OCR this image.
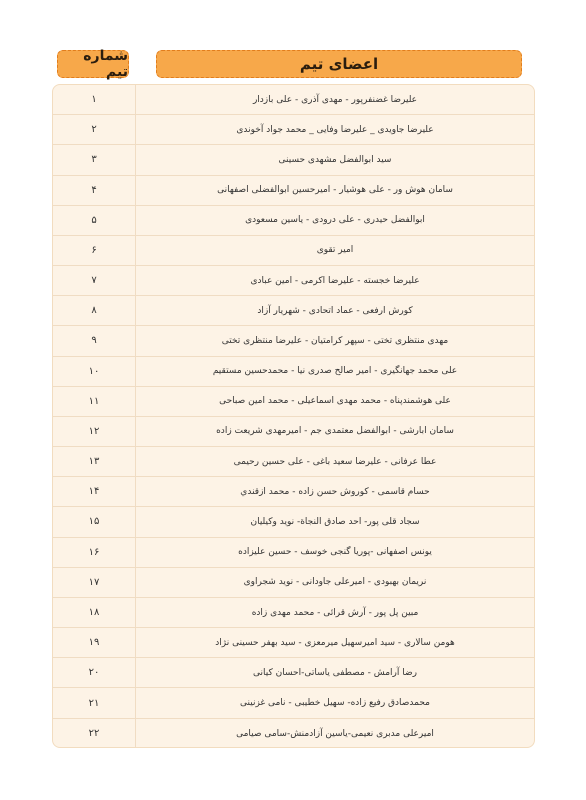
شماره تیم	اعضای تیم
۱	علیرضا غضنفرپور - مهدی آذری - علی بازدار
۲	علیرضا جاویدی _ علیرضا وفایی _ محمد جواد آخوندی
۳	سید ابوالفضل مشهدی حسینی
۴	سامان هوش ور - علی هوشیار - امیرحسین ابوالفضلی اصفهانی
۵	ابوالفضل حیدری - علی درودی - یاسین مسعودی
۶	امیر تقوی
۷	علیرضا خجسته - علیرضا اکرمی - امین عبادی
۸	کورش ارفعی - عماد اتحادی - شهریار آزاد
۹	مهدی منتظری تختی - سپهر کرامتیان - علیرضا منتظری تختی
۱۰	علی محمد جهانگیری - امیر صالح صدری نیا - محمدحسین مستقیم
۱۱	علی هوشمندپناه - محمد مهدی اسماعیلی - محمد امین صباحی
۱۲	سامان ابارشی - ابوالفضل معتمدی جم - امیرمهدی شریعت زاده
۱۳	عطا عرفانی - علیرضا سعید باغی - علی حسین رحیمی
۱۴	حسام قاسمی - کوروش حسن زاده - محمد ازقندي
۱۵	سجاد قلی پور- احد صادق النجاة- نوید وکیلیان
۱۶	یونس اصفهانی -پوریا گنجی خوسف - حسین علیزاده
۱۷	نریمان بهبودی - امیرعلی جاودانی - نوید شجراوی
۱۸	مبین پل پور - آرش قرائی - محمد مهدی زاده
۱۹	هومن سالاری - سید امیرسهیل میرمعزی - سید بهفر حسینی نژاد
۲۰	رضا آرامش - مصطفی یاساتی-احسان کیانی
۲۱	محمدصادق رفیع زاده- سهیل خطیبی - نامی غزنینی
۲۲	امیرعلی مدبری نعیمی-یاسین آزادمنش-سامی صیامی
